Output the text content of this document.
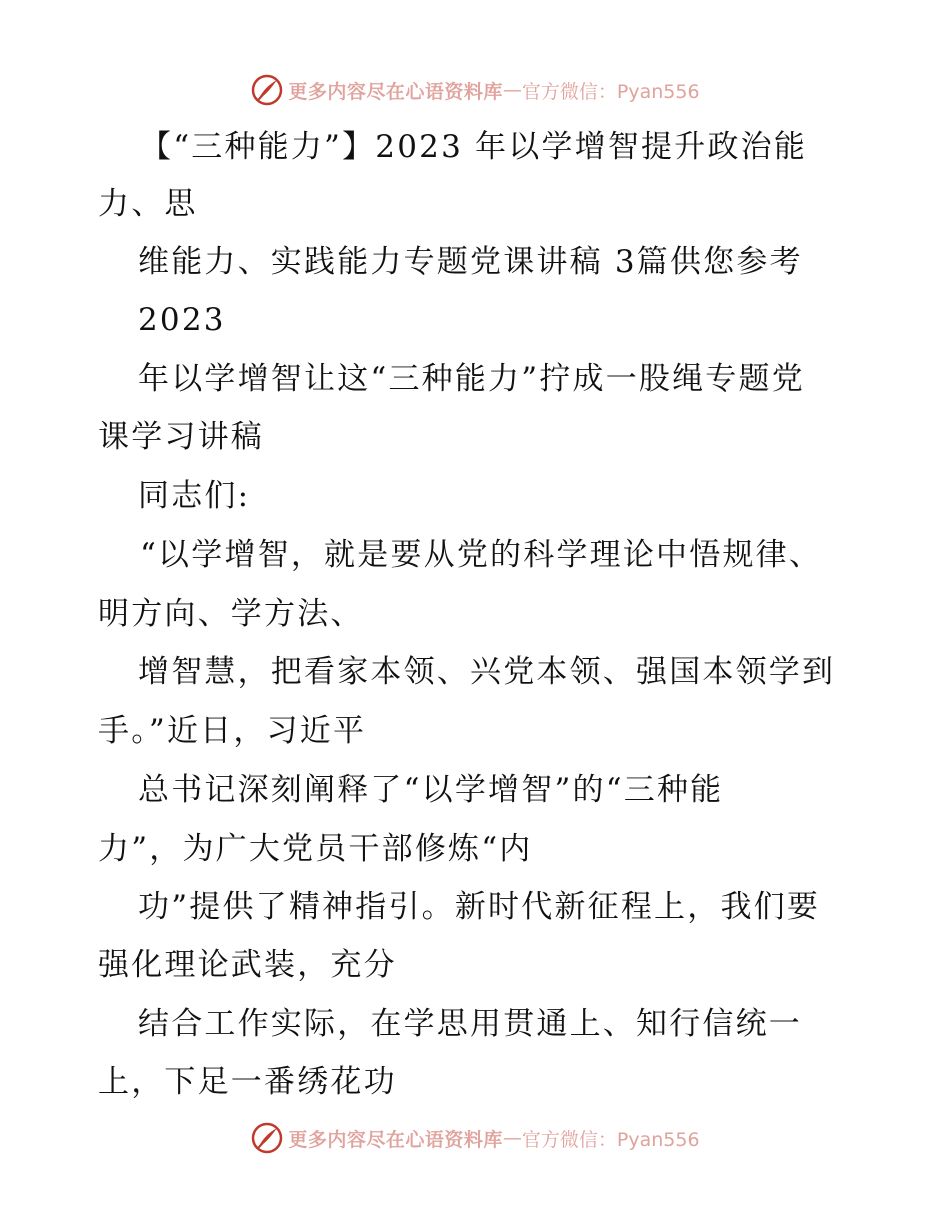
更多内容尽在心语资料库 — 官方微信：Pyan556
【“三种能力”】2023 年以学增智提升政治能
力、思
维能力、实践能力专题党课讲稿 3篇供您参考
2023
年以学增智让这“三种能力”拧成一股绳专题党
课学习讲稿
同志们:
“以学增智，就是要从党的科学理论中悟规律、
明方向、学方法、
增智慧，把看家本领、兴党本领、强国本领学到
手。”近日，习近平
总书记深刻阐释了“以学增智”的“三种能
力”，为广大党员干部修炼“内
功”提供了精神指引。新时代新征程上，我们要
强化理论武装，充分
结合工作实际，在学思用贯通上、知行信统一
上，下足一番绣花功
更多内容尽在心语资料库 — 官方微信：Pyan556
